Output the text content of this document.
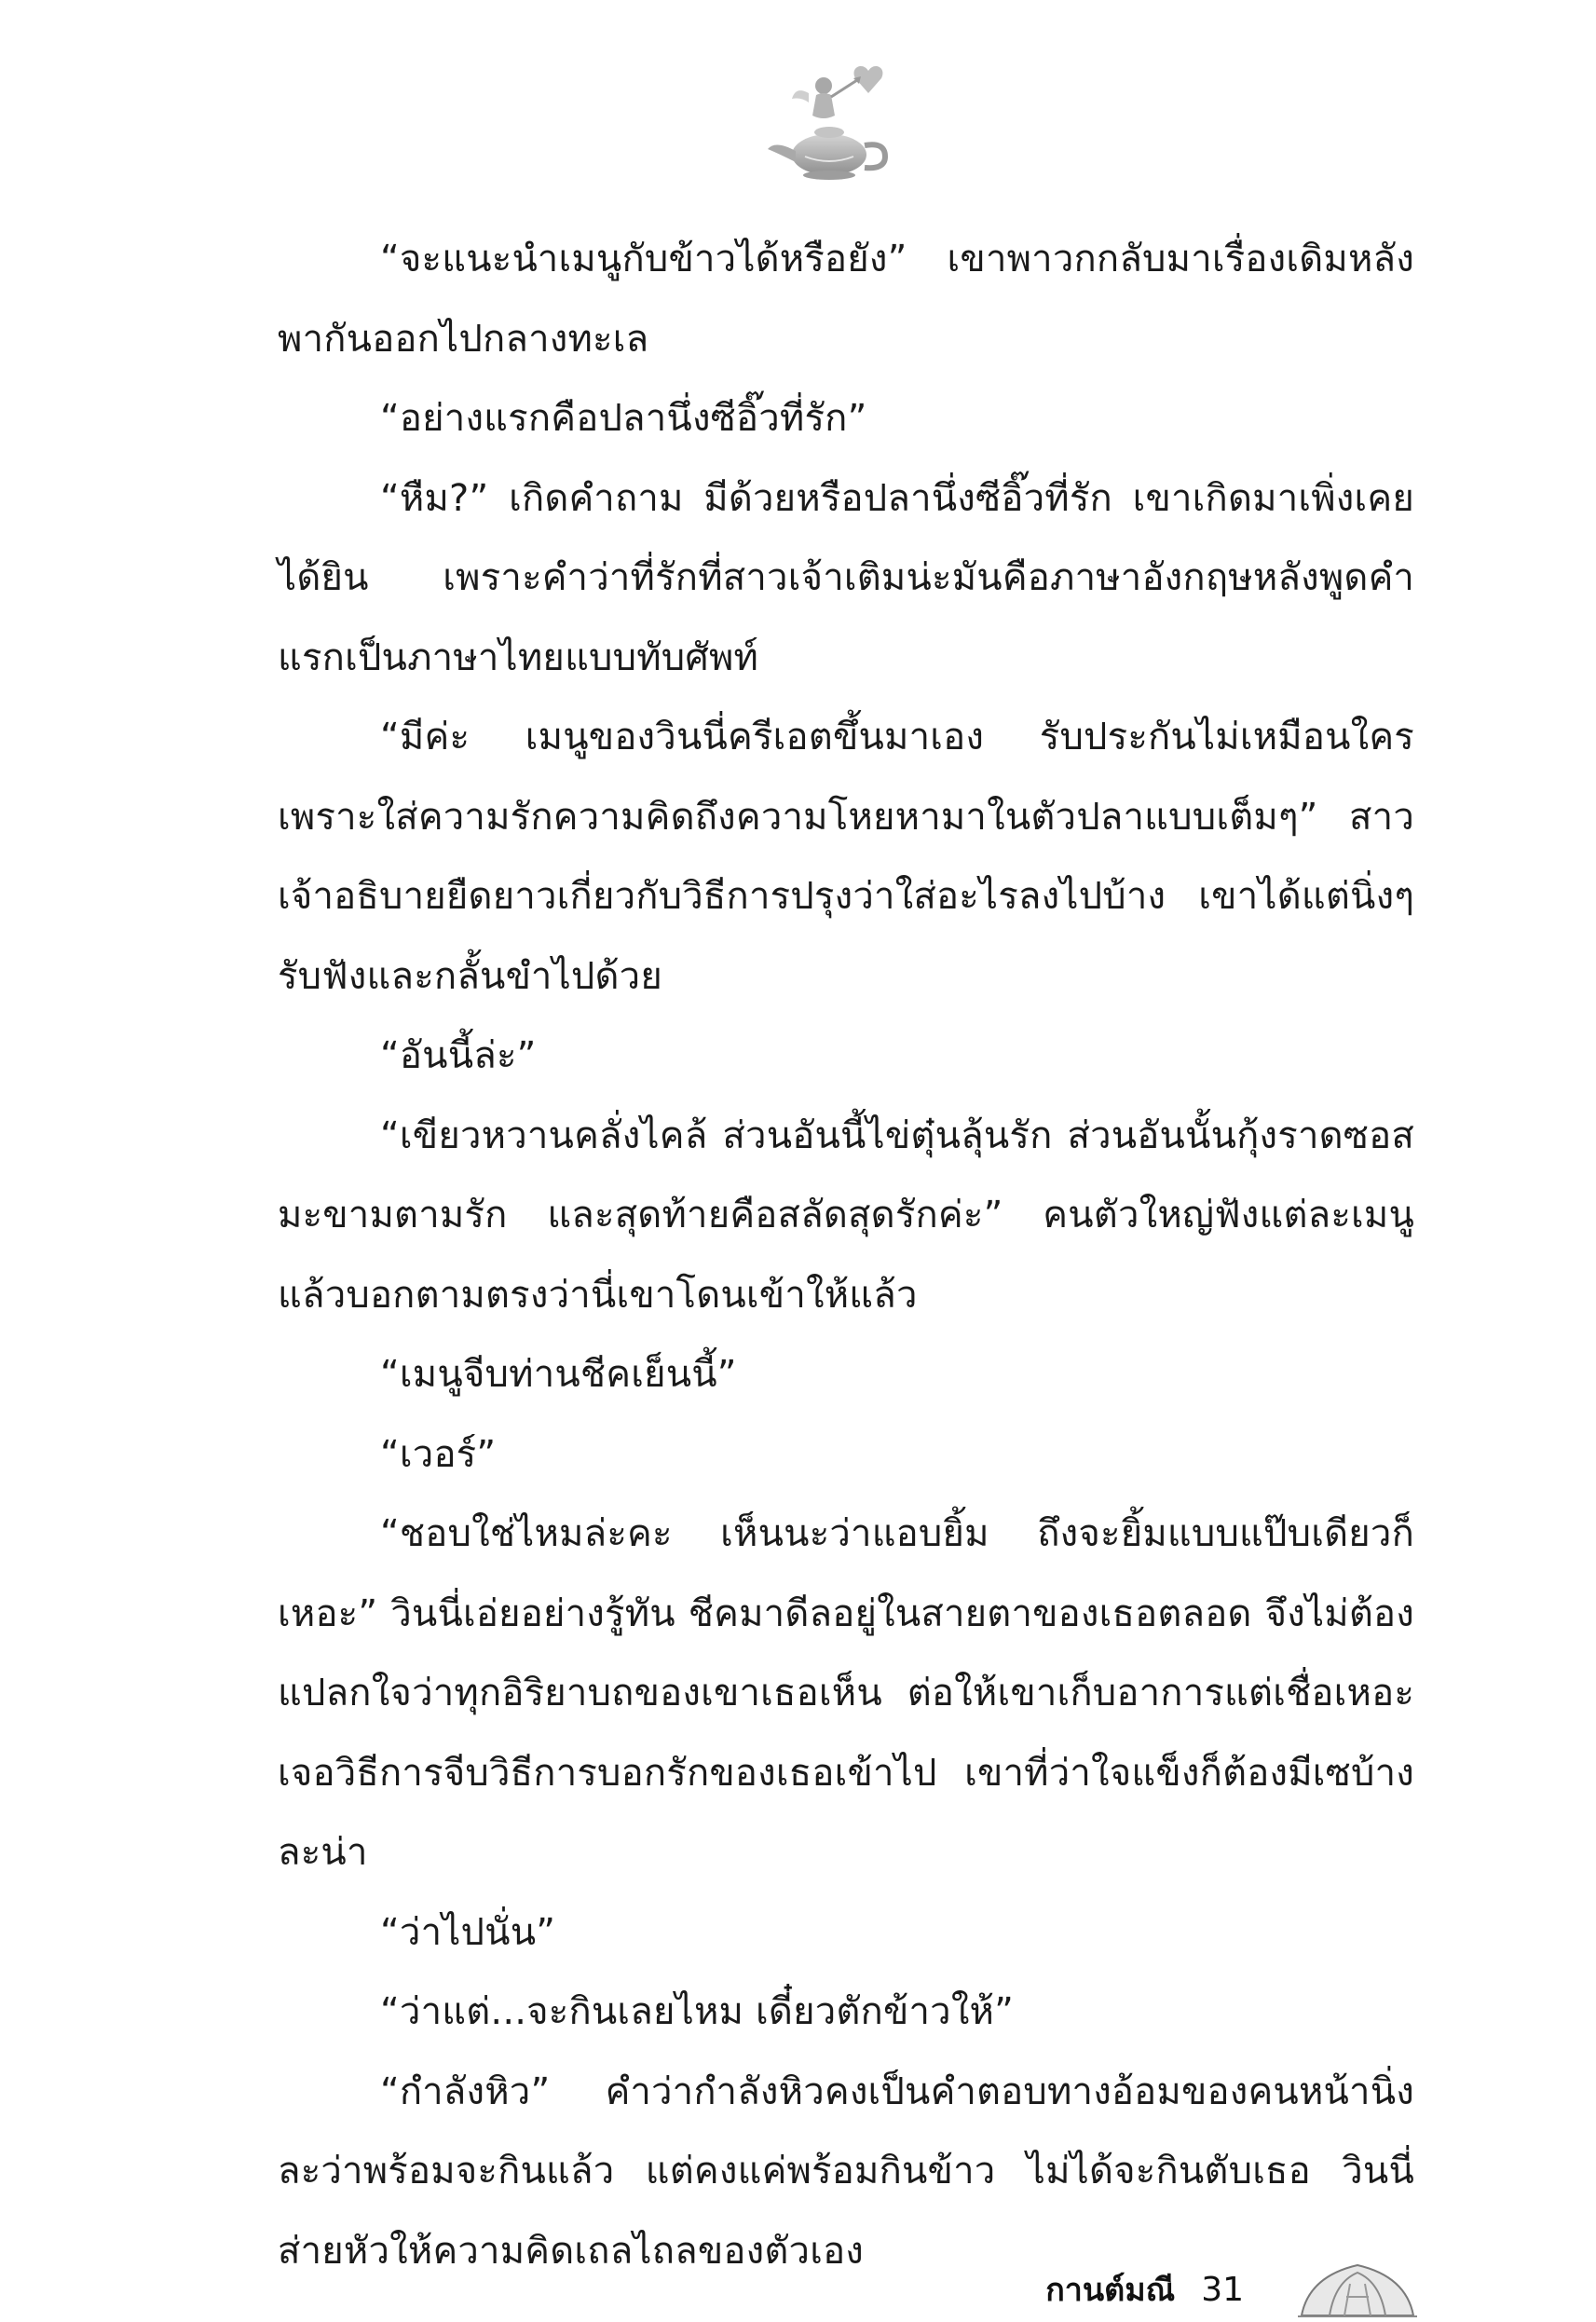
“จะแนะนำเมนูกับข้าวได้หรือยัง” เขาพาวกกลับมาเรื่องเดิมหลังพากันออกไปกลางทะเล

“อย่างแรกคือปลานึ่งซีอิ๊วที่รัก”

“หืม?” เกิดคำถาม มีด้วยหรือปลานึ่งซีอิ๊วที่รัก เขาเกิดมาเพิ่งเคยได้ยิน เพราะคำว่าที่รักที่สาวเจ้าเติมน่ะมันคือภาษาอังกฤษหลังพูดคำแรกเป็นภาษาไทยแบบทับศัพท์

“มีค่ะ เมนูของวินนี่ครีเอตขึ้นมาเอง รับประกันไม่เหมือนใคร เพราะใส่ความรักความคิดถึงความโหยหามาในตัวปลาแบบเต็มๆ” สาวเจ้าอธิบายยืดยาวเกี่ยวกับวิธีการปรุงว่าใส่อะไรลงไปบ้าง เขาได้แต่นิ่งๆ รับฟังและกลั้นขำไปด้วย

“อันนี้ล่ะ”

“เขียวหวานคลั่งไคล้ ส่วนอันนี้ไข่ตุ๋นลุ้นรัก ส่วนอันนั้นกุ้งราดซอสมะขามตามรัก และสุดท้ายคือสลัดสุดรักค่ะ” คนตัวใหญ่ฟังแต่ละเมนูแล้วบอกตามตรงว่านี่เขาโดนเข้าให้แล้ว

“เมนูจีบท่านชีคเย็นนี้”

“เวอร์”

“ชอบใช่ไหมล่ะคะ เห็นนะว่าแอบยิ้ม ถึงจะยิ้มแบบแป๊บเดียวก็เหอะ” วินนี่เอ่ยอย่างรู้ทัน ชีคมาดีลอยู่ในสายตาของเธอตลอด จึงไม่ต้องแปลกใจว่าทุกอิริยาบถของเขาเธอเห็น ต่อให้เขาเก็บอาการแต่เชื่อเหอะ เจอวิธีการจีบวิธีการบอกรักของเธอเข้าไป เขาที่ว่าใจแข็งก็ต้องมีเซบ้างละน่า

“ว่าไปนั่น”

“ว่าแต่...จะกินเลยไหม เดี๋ยวตักข้าวให้”

“กำลังหิว” คำว่ากำลังหิวคงเป็นคำตอบทางอ้อมของคนหน้านิ่งละว่าพร้อมจะกินแล้ว แต่คงแค่พร้อมกินข้าว ไม่ได้จะกินตับเธอ วินนี่ส่ายหัวให้ความคิดเถลไถลของตัวเอง

กานต์มณี 31
